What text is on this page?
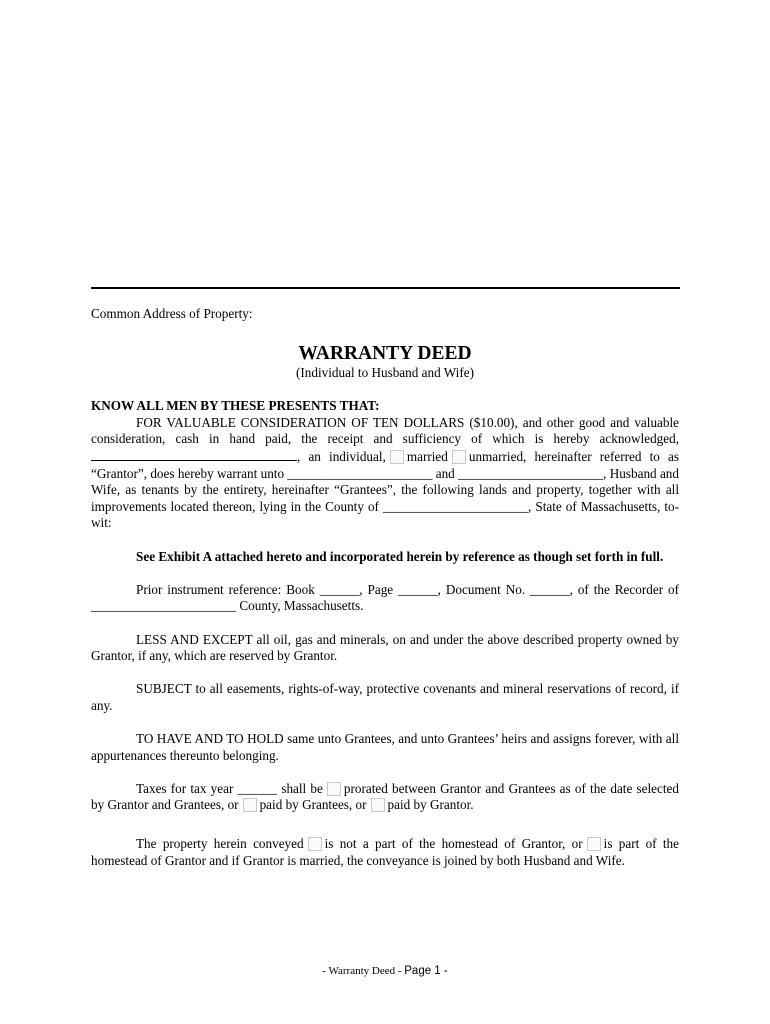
Common Address of Property:

WARRANTY DEED

(Individual to Husband and Wife)

KNOW ALL MEN BY THESE PRESENTS THAT:

FOR VALUABLE CONSIDERATION OF TEN DOLLARS ($10.00), and other good and valuable consideration, cash in hand paid, the receipt and sufficiency of which is hereby acknowledged, , an individual, married unmarried, hereinafter referred to as “Grantor”, does hereby warrant unto ______________________ and ______________________, Husband and Wife, as tenants by the entirety, hereinafter “Grantees”, the following lands and property, together with all improvements located thereon, lying in the County of ______________________, State of Massachusetts, to-wit:

See Exhibit A attached hereto and incorporated herein by reference as though set forth in full.

Prior instrument reference: Book ______, Page ______, Document No. ______, of the Recorder of ______________________ County, Massachusetts.

LESS AND EXCEPT all oil, gas and minerals, on and under the above described property owned by Grantor, if any, which are reserved by Grantor.

SUBJECT to all easements, rights-of-way, protective covenants and mineral reservations of record, if any.

TO HAVE AND TO HOLD same unto Grantees, and unto Grantees’ heirs and assigns forever, with all appurtenances thereunto belonging.

Taxes for tax year ______ shall be prorated between Grantor and Grantees as of the date selected by Grantor and Grantees, or paid by Grantees, or paid by Grantor.

The property herein conveyed is not a part of the homestead of Grantor, or is part of the homestead of Grantor and if Grantor is married, the conveyance is joined by both Husband and Wife.

- Warranty Deed - Page 1 -
